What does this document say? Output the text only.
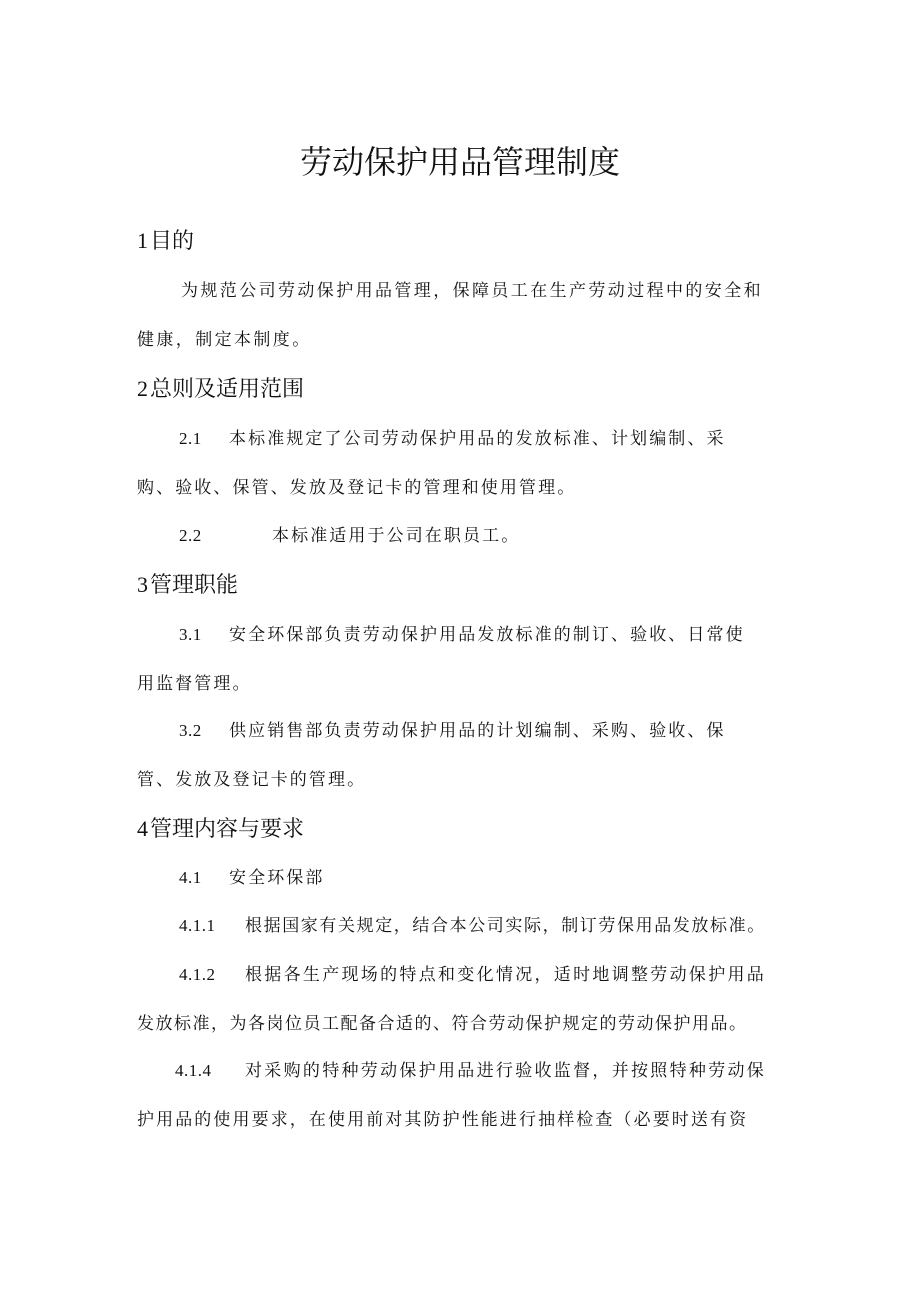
劳动保护用品管理制度
1目的
为规范公司劳动保护用品管理，保障员工在生产劳动过程中的安全和
健康，制定本制度。
2总则及适用范围
2.1 本标准规定了公司劳动保护用品的发放标准、计划编制、采
购、验收、保管、发放及登记卡的管理和使用管理。
2.2	本标准适用于公司在职员工。
3管理职能
3.1 安全环保部负责劳动保护用品发放标准的制订、验收、日常使
用监督管理。
3.2 供应销售部负责劳动保护用品的计划编制、采购、验收、保
管、发放及登记卡的管理。
4管理内容与要求
4.1 安全环保部
4.1.1 根据国家有关规定，结合本公司实际，制订劳保用品发放标准。
4.1.2 根据各生产现场的特点和变化情况，适时地调整劳动保护用品
发放标准，为各岗位员工配备合适的、符合劳动保护规定的劳动保护用品。
4.1.4 对采购的特种劳动保护用品进行验收监督，并按照特种劳动保
护用品的使用要求，在使用前对其防护性能进行抽样检查（必要时送有资
